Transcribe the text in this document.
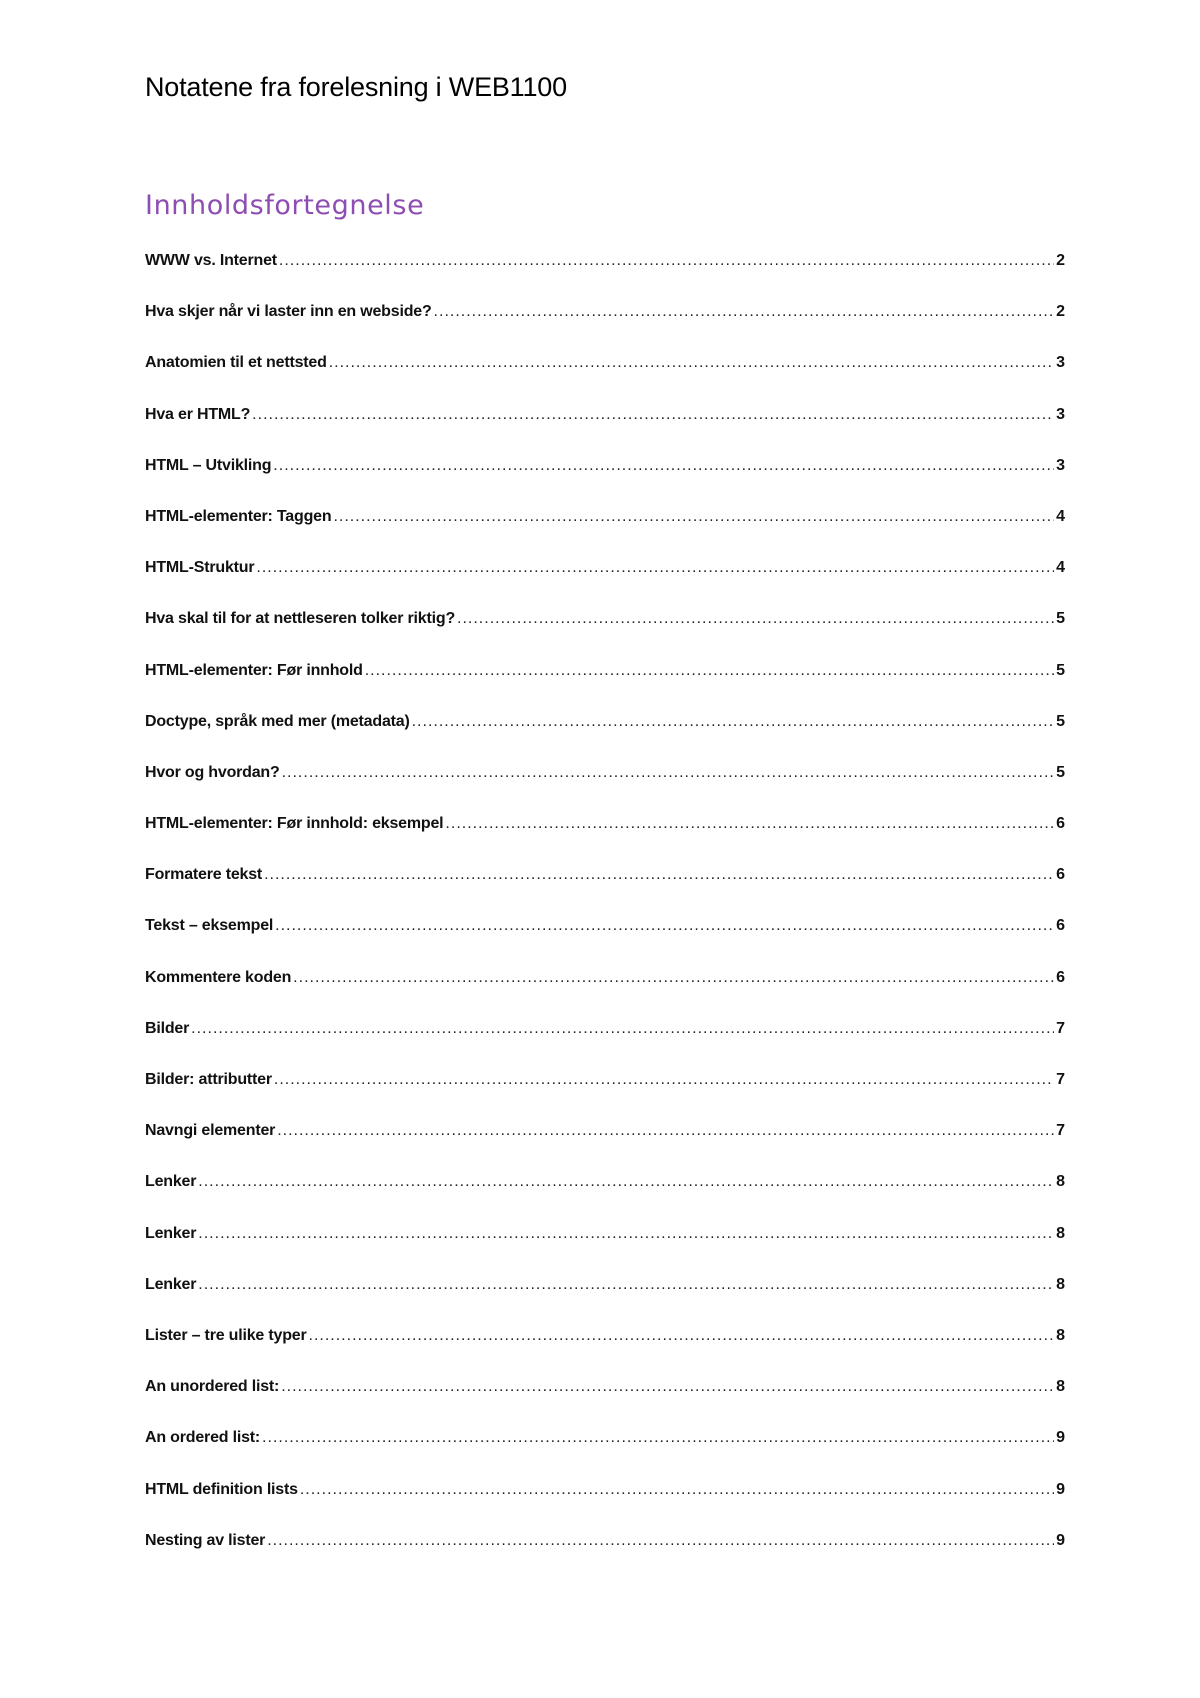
Notatene fra forelesning i WEB1100
Innholdsfortegnelse
WWW vs. Internet .....	2
Hva skjer når vi laster inn en webside? .....	2
Anatomien til et nettsted .....	3
Hva er HTML? .....	3
HTML – Utvikling .....	3
HTML-elementer: Taggen .....	4
HTML-Struktur .....	4
Hva skal til for at nettleseren tolker riktig? .....	5
HTML-elementer: Før innhold .....	5
Doctype, språk med mer (metadata) .....	5
Hvor og hvordan? .....	5
HTML-elementer: Før innhold: eksempel .....	6
Formatere tekst .....	6
Tekst – eksempel .....	6
Kommentere koden .....	6
Bilder .....	7
Bilder: attributter .....	7
Navngi elementer .....	7
Lenker .....	8
Lenker .....	8
Lenker .....	8
Lister – tre ulike typer .....	8
An unordered list: .....	8
An ordered list: .....	9
HTML definition lists .....	9
Nesting av lister .....	9
